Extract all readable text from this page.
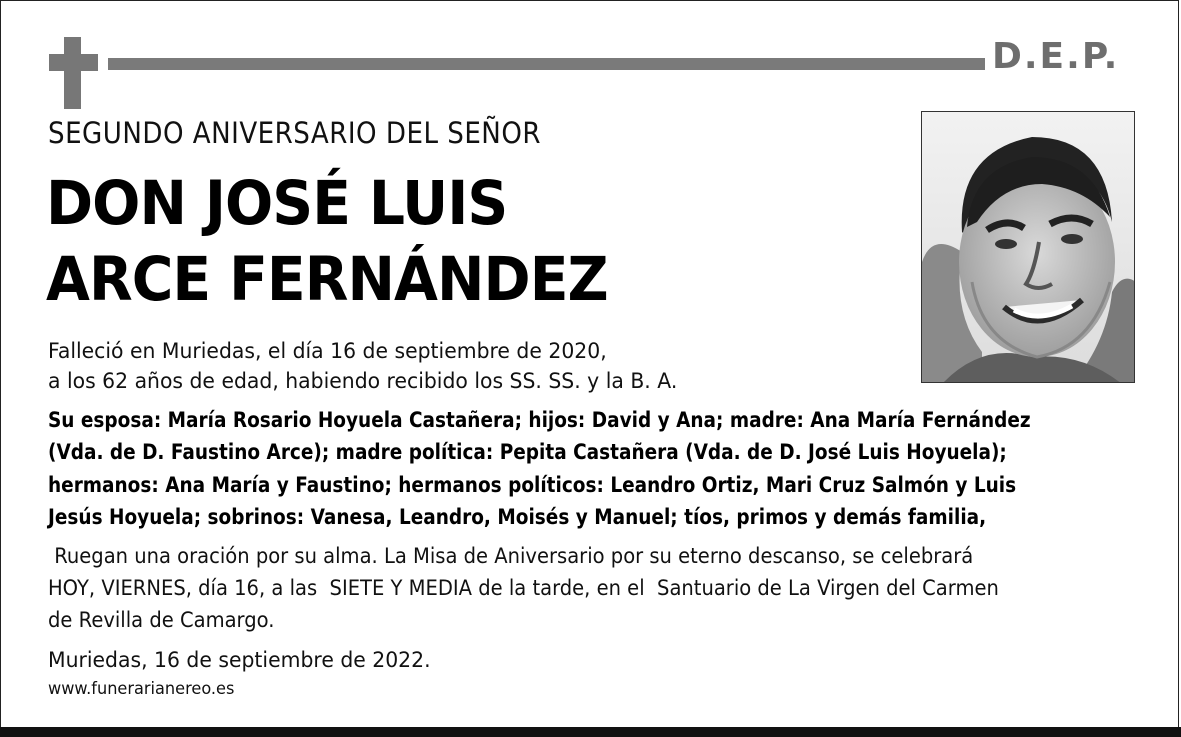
D.E.P.
SEGUNDO ANIVERSARIO DEL SEÑOR
DON JOSÉ LUIS
ARCE FERNÁNDEZ
Falleció en Muriedas, el día 16 de septiembre de 2020,
a los 62 años de edad, habiendo recibido los SS. SS. y la B. A.
Su esposa: María Rosario Hoyuela Castañera; hijos: David y Ana; madre: Ana María Fernández
(Vda. de D. Faustino Arce); madre política: Pepita Castañera (Vda. de D. José Luis Hoyuela);
hermanos: Ana María y Faustino; hermanos políticos: Leandro Ortiz, Mari Cruz Salmón y Luis
Jesús Hoyuela; sobrinos: Vanesa, Leandro, Moisés y Manuel; tíos, primos y demás familia,
Ruegan una oración por su alma. La Misa de Aniversario por su eterno descanso, se celebrará
HOY, VIERNES, día 16, a las  SIETE Y MEDIA de la tarde, en el  Santuario de La Virgen del Carmen
de Revilla de Camargo.
Muriedas, 16 de septiembre de 2022.
www.funerarianereo.es
